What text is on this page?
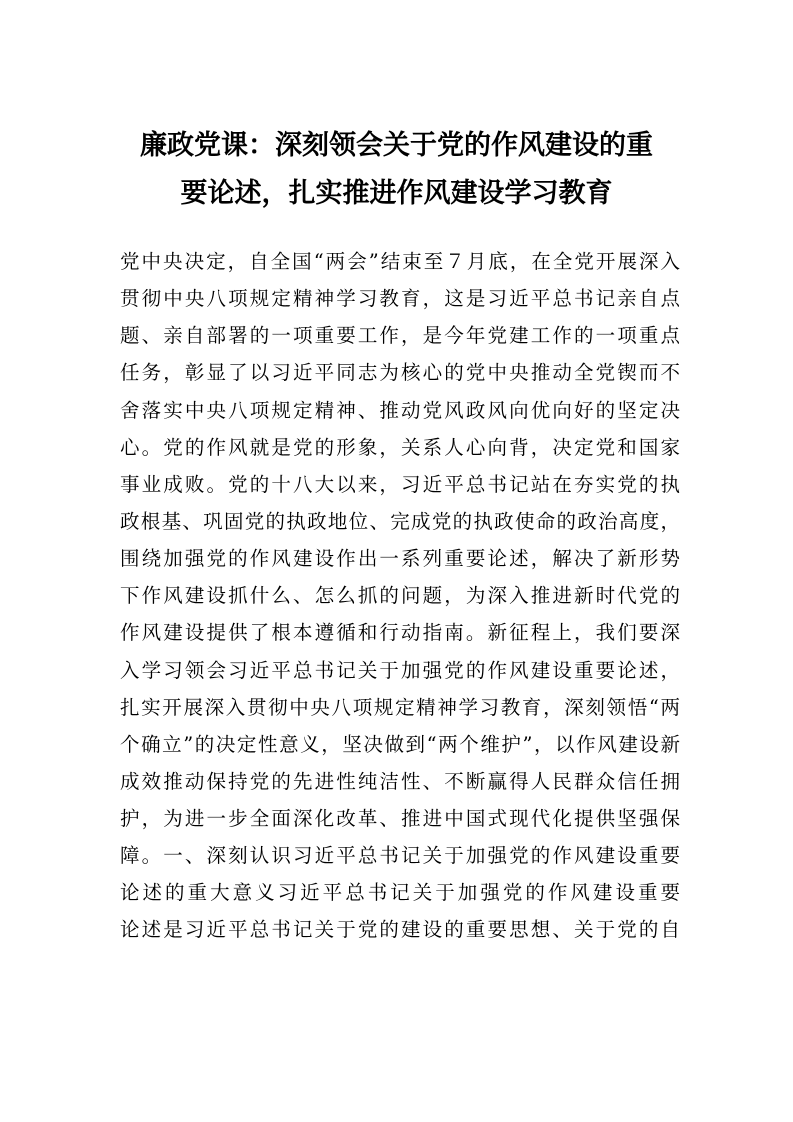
廉政党课：深刻领会关于党的作风建设的重
要论述，扎实推进作风建设学习教育

党中央决定，自全国“两会”结束至７月底，在全党开展深入

贯彻中央八项规定精神学习教育，这是习近平总书记亲自点

题、亲自部署的一项重要工作，是今年党建工作的一项重点

任务，彰显了以习近平同志为核心的党中央推动全党锲而不

舍落实中央八项规定精神、推动党风政风向优向好的坚定决

心。党的作风就是党的形象，关系人心向背，决定党和国家

事业成败。党的十八大以来，习近平总书记站在夯实党的执

政根基、巩固党的执政地位、完成党的执政使命的政治高度，

围绕加强党的作风建设作出一系列重要论述，解决了新形势

下作风建设抓什么、怎么抓的问题，为深入推进新时代党的

作风建设提供了根本遵循和行动指南。新征程上，我们要深

入学习领会习近平总书记关于加强党的作风建设重要论述，

扎实开展深入贯彻中央八项规定精神学习教育，深刻领悟“两

个确立”的决定性意义，坚决做到“两个维护”，以作风建设新

成效推动保持党的先进性纯洁性、不断赢得人民群众信任拥

护，为进一步全面深化改革、推进中国式现代化提供坚强保

障。一、深刻认识习近平总书记关于加强党的作风建设重要

论述的重大意义习近平总书记关于加强党的作风建设重要

论述是习近平总书记关于党的建设的重要思想、关于党的自
